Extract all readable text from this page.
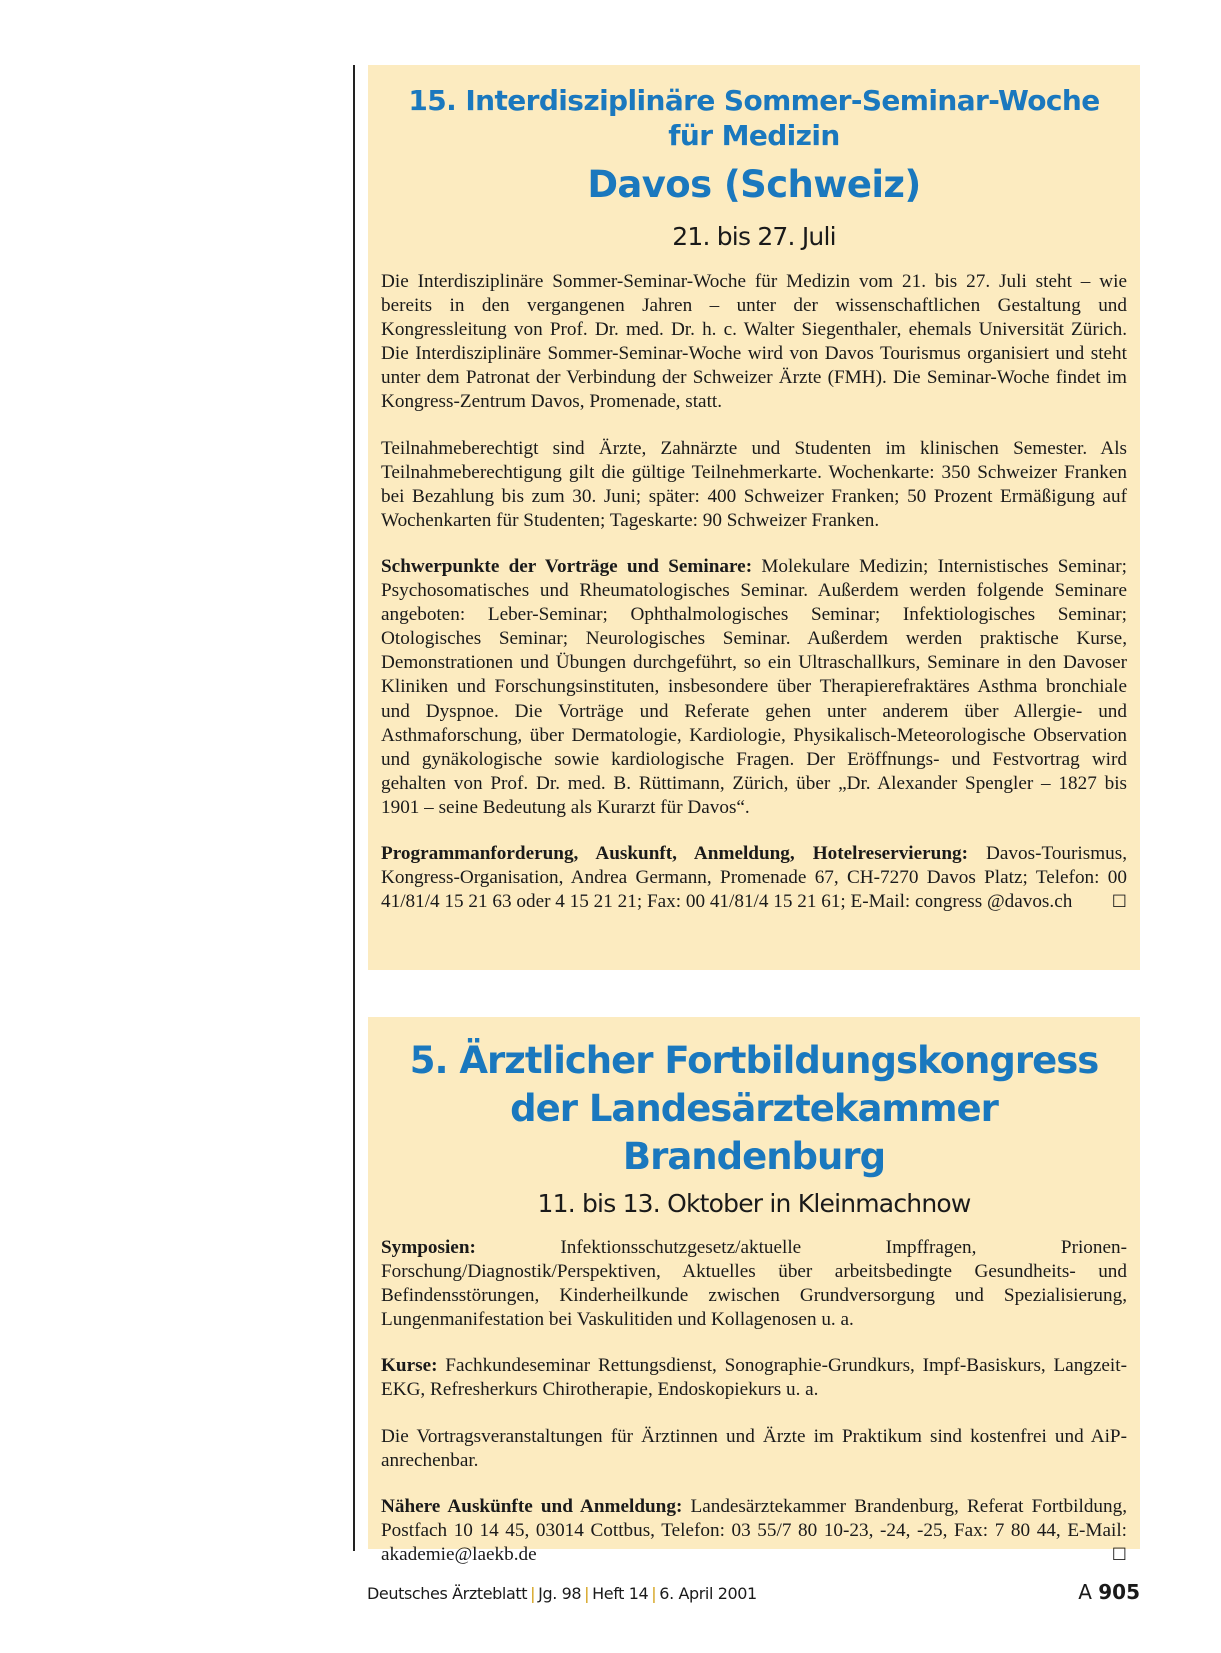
15. Interdisziplinäre Sommer-Seminar-Woche
für Medizin
Davos (Schweiz)
21. bis 27. Juli

Die Interdisziplinäre Sommer-Seminar-Woche für Medizin vom 21. bis 27. Juli steht – wie bereits in den vergangenen Jahren – unter der wissenschaftlichen Gestaltung und Kongressleitung von Prof. Dr. med. Dr. h. c. Walter Siegenthaler, ehemals Universität Zürich. Die Interdisziplinäre Sommer-Seminar-Woche wird von Davos Tourismus organisiert und steht unter dem Patronat der Verbindung der Schweizer Ärzte (FMH). Die Seminar-Woche findet im Kongress-Zentrum Davos, Promenade, statt.

Teilnahmeberechtigt sind Ärzte, Zahnärzte und Studenten im klinischen Semester. Als Teilnahmeberechtigung gilt die gültige Teilnehmerkarte. Wochenkarte: 350 Schweizer Franken bei Bezahlung bis zum 30. Juni; später: 400 Schweizer Franken; 50 Prozent Ermäßigung auf Wochenkarten für Studenten; Tageskarte: 90 Schweizer Franken.

Schwerpunkte der Vorträge und Seminare: Molekulare Medizin; Internistisches Seminar; Psychosomatisches und Rheumatologisches Seminar. Außerdem werden folgende Seminare angeboten: Leber-Seminar; Ophthalmologisches Seminar; Infektiologisches Seminar; Otologisches Seminar; Neurologisches Seminar. Außerdem werden praktische Kurse, Demonstrationen und Übungen durchgeführt, so ein Ultraschallkurs, Seminare in den Davoser Kliniken und Forschungsinstituten, insbesondere über Therapierefraktäres Asthma bronchiale und Dyspnoe. Die Vorträge und Referate gehen unter anderem über Allergie- und Asthmaforschung, über Dermatologie, Kardiologie, Physikalisch-Meteorologische Observation und gynäkologische sowie kardiologische Fragen. Der Eröffnungs- und Festvortrag wird gehalten von Prof. Dr. med. B. Rüttimann, Zürich, über „Dr. Alexander Spengler – 1827 bis 1901 – seine Bedeutung als Kurarzt für Davos“.

Programmanforderung, Auskunft, Anmeldung, Hotelreservierung: Davos-Tourismus, Kongress-Organisation, Andrea Germann, Promenade 67, CH-7270 Davos Platz; Telefon: 00 41/81/4 15 21 63 oder 4 15 21 21; Fax: 00 41/81/4 15 21 61; E-Mail: congress @davos.ch ☐

5. Ärztlicher Fortbildungskongress
der Landesärztekammer Brandenburg
11. bis 13. Oktober in Kleinmachnow

Symposien: Infektionsschutzgesetz/aktuelle Impffragen, Prionen-Forschung/Diagnostik/Perspektiven, Aktuelles über arbeitsbedingte Gesundheits- und Befindensstörungen, Kinderheilkunde zwischen Grundversorgung und Spezialisierung, Lungenmanifestation bei Vaskulitiden und Kollagenosen u. a.

Kurse: Fachkundeseminar Rettungsdienst, Sonographie-Grundkurs, Impf-Basiskurs, Langzeit-EKG, Refresherkurs Chirotherapie, Endoskopiekurs u. a.

Die Vortragsveranstaltungen für Ärztinnen und Ärzte im Praktikum sind kostenfrei und AiP-anrechenbar.

Nähere Auskünfte und Anmeldung: Landesärztekammer Brandenburg, Referat Fortbildung, Postfach 10 14 45, 03014 Cottbus, Telefon: 03 55/7 80 10-23, -24, -25, Fax: 7 80 44, E-Mail: akademie@laekb.de	☐

Deutsches Ärzteblatt | Jg. 98 | Heft 14 | 6. April 2001	A 905
